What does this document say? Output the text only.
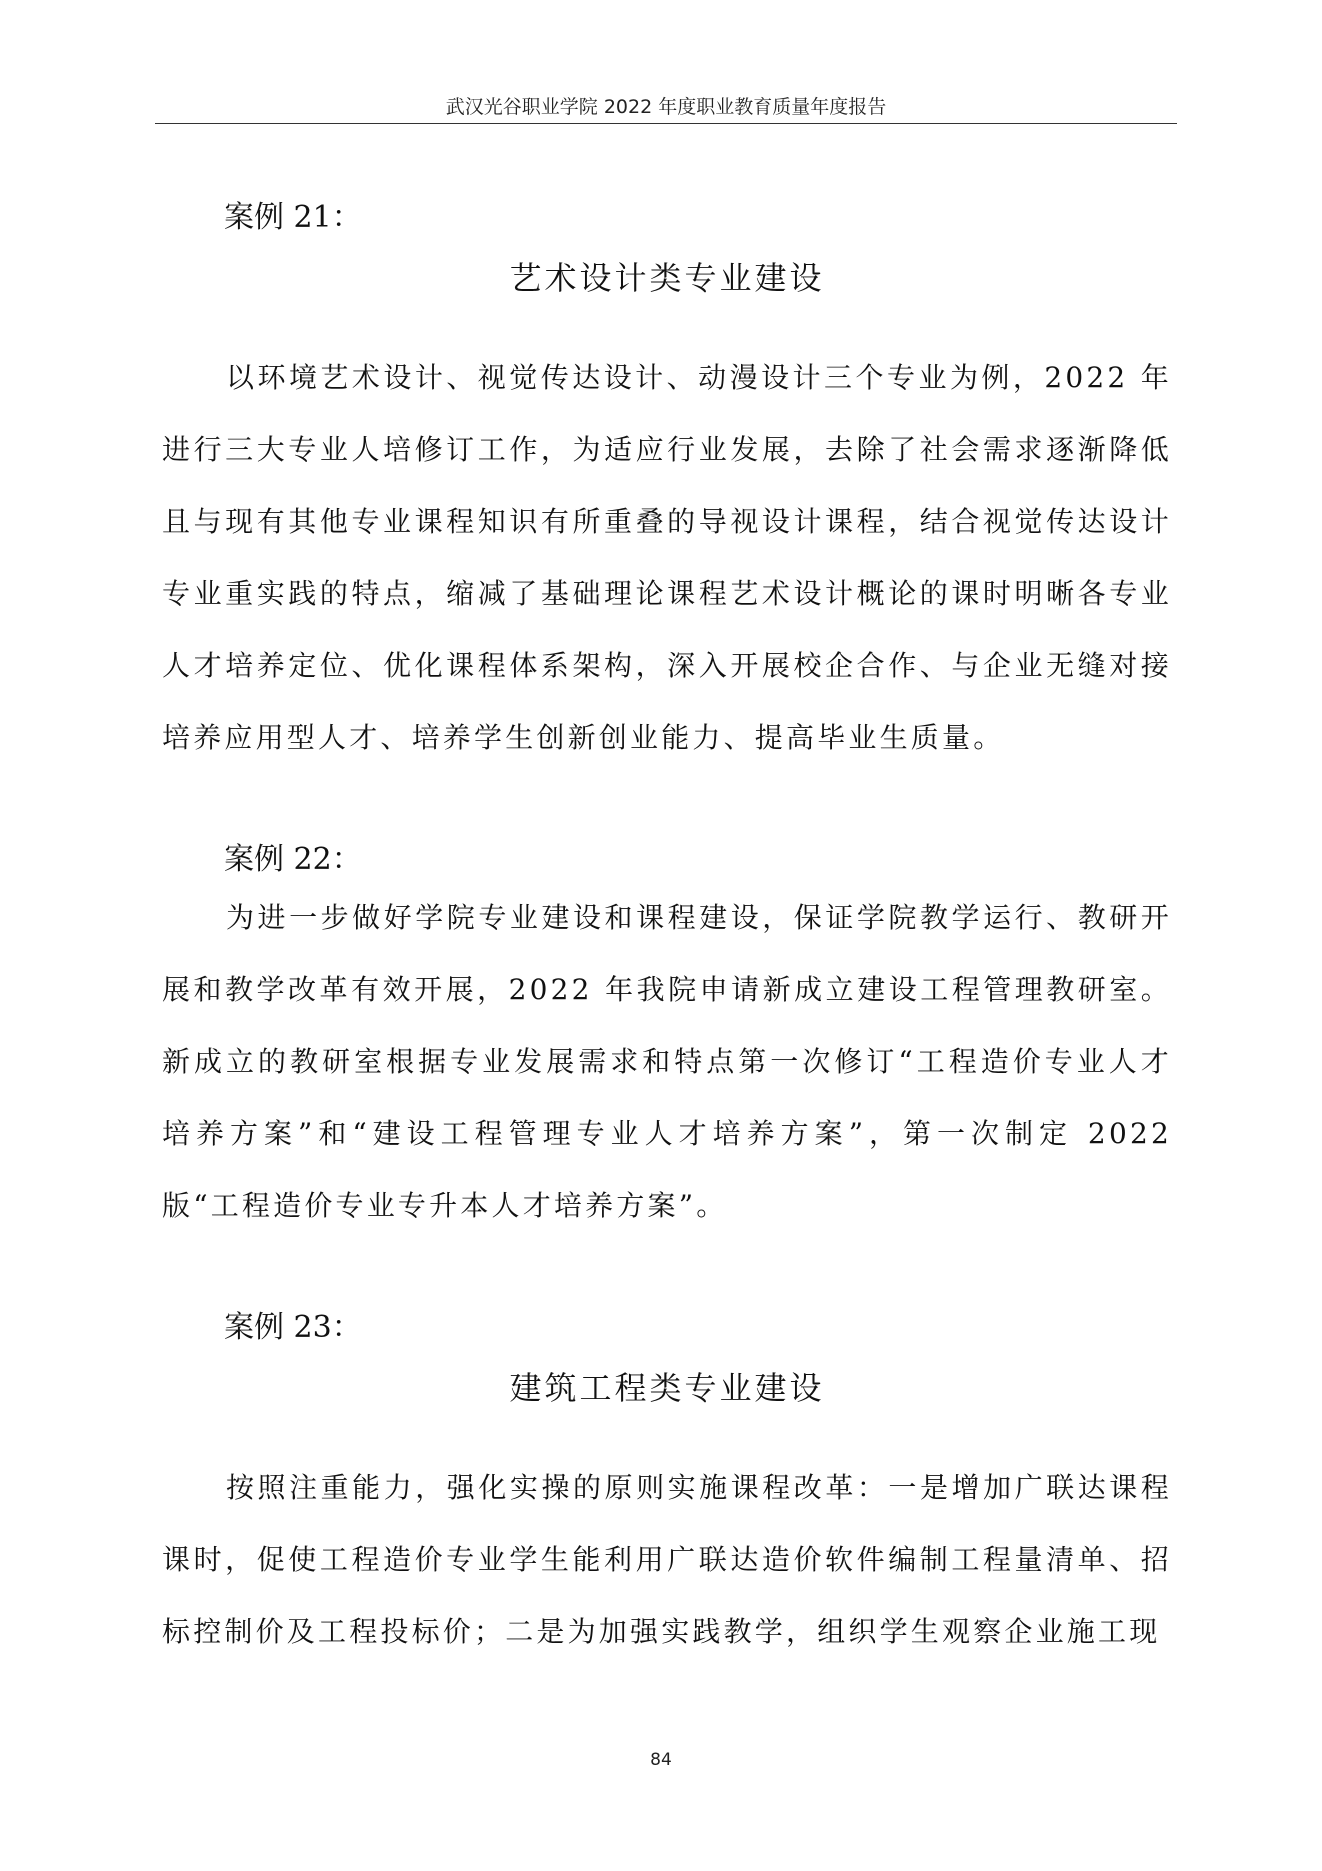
武汉光谷职业学院 2022 年度职业教育质量年度报告
案例 21：
艺术设计类专业建设

以环境艺术设计、视觉传达设计、动漫设计三个专业为例，2022 年进行三大专业人培修订工作，为适应行业发展，去除了社会需求逐渐降低且与现有其他专业课程知识有所重叠的导视设计课程，结合视觉传达设计专业重实践的特点，缩减了基础理论课程艺术设计概论的课时明晰各专业人才培养定位、优化课程体系架构，深入开展校企合作、与企业无缝对接培养应用型人才、培养学生创新创业能力、提高毕业生质量。

案例 22：

为进一步做好学院专业建设和课程建设，保证学院教学运行、教研开展和教学改革有效开展，2022 年我院申请新成立建设工程管理教研室。新成立的教研室根据专业发展需求和特点第一次修订“工程造价专业人才培养方案”和“建设工程管理专业人才培养方案”，第一次制定 2022 版“工程造价专业专升本人才培养方案”。

案例 23：
建筑工程类专业建设

按照注重能力，强化实操的原则实施课程改革：一是增加广联达课程课时，促使工程造价专业学生能利用广联达造价软件编制工程量清单、招标控制价及工程投标价；二是为加强实践教学，组织学生观察企业施工现

84
